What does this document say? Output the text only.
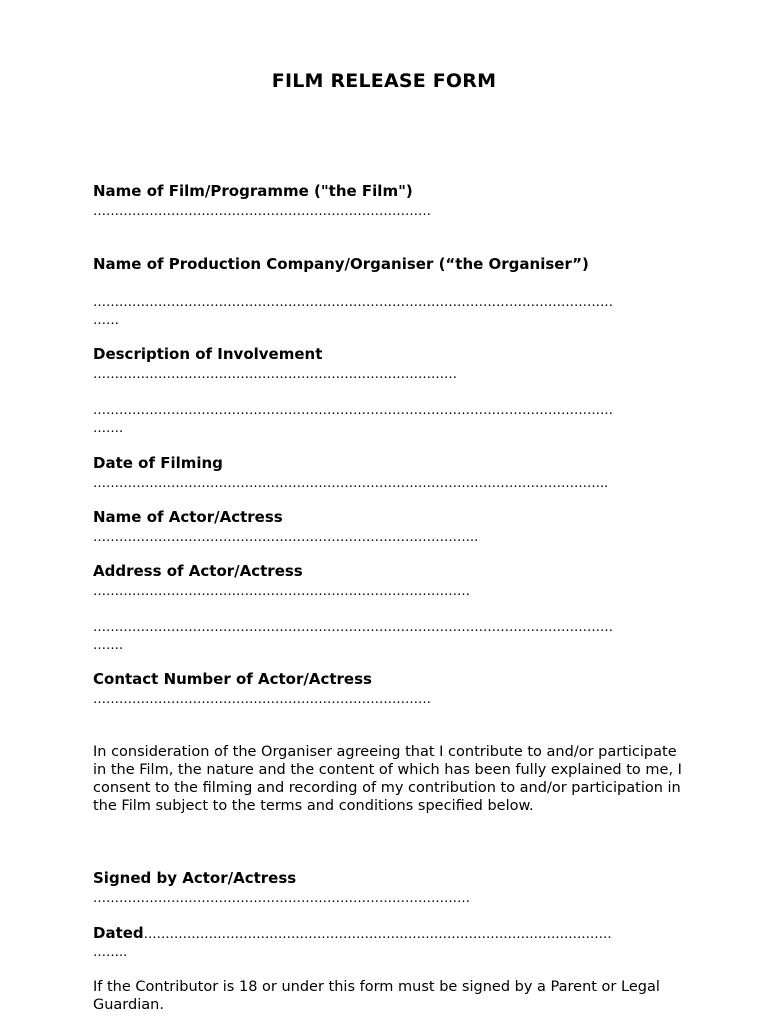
FILM RELEASE FORM
Name of Film/Programme ("the Film")
……………………………………………………………………
Name of Production Company/Organiser (“the Organiser”)
…………………………………………………………………………………………………………
……
Description of Involvement
…………………………………………………………………………
…………………………………………………………………………………………………………
…….
Date of Filming
………………………………………………………………………………………………………..
Name of Actor/Actress
……………………………………………………………………………..
Address of Actor/Actress
……………………………………………………………………………
…………………………………………………………………………………………………………
…….
Contact Number of Actor/Actress
……………………………………………………………………
In consideration of the Organiser agreeing that I contribute to and/or participate in the Film, the nature and the content of which has been fully explained to me, I consent to the filming and recording of my contribution to and/or participation in the Film subject to the terms and conditions specified below.
Signed by Actor/Actress
……………………………………………………………………………
Dated………………………………………………………………………………………………
……..
If the Contributor is 18 or under this form must be signed by a Parent or Legal Guardian.
